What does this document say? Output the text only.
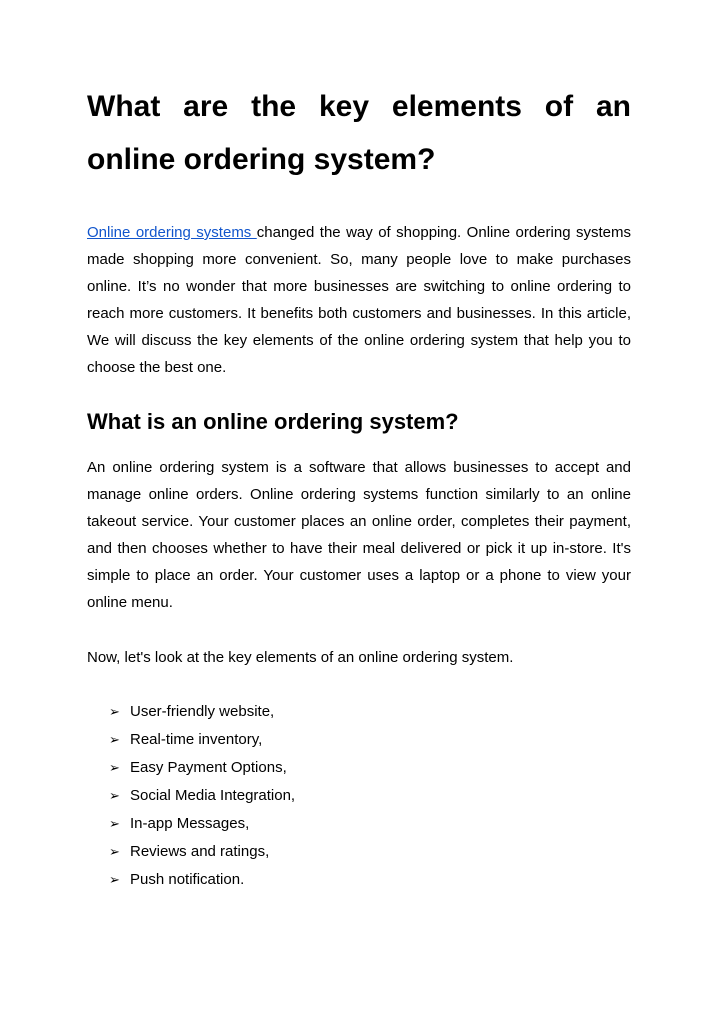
What are the key elements of an online ordering system?

Online ordering systems changed the way of shopping. Online ordering systems made shopping more convenient. So, many people love to make purchases online. It’s no wonder that more businesses are switching to online ordering to reach more customers. It benefits both customers and businesses. In this article, We will discuss the key elements of the online ordering system that help you to choose the best one.

What is an online ordering system?

An online ordering system is a software that allows businesses to accept and manage online orders. Online ordering systems function similarly to an online takeout service. Your customer places an online order, completes their payment, and then chooses whether to have their meal delivered or pick it up in-store. It's simple to place an order. Your customer uses a laptop or a phone to view your online menu.

Now, let's look at the key elements of an online ordering system.

➢ User-friendly website,
➢ Real-time inventory,
➢ Easy Payment Options,
➢ Social Media Integration,
➢ In-app Messages,
➢ Reviews and ratings,
➢ Push notification.
